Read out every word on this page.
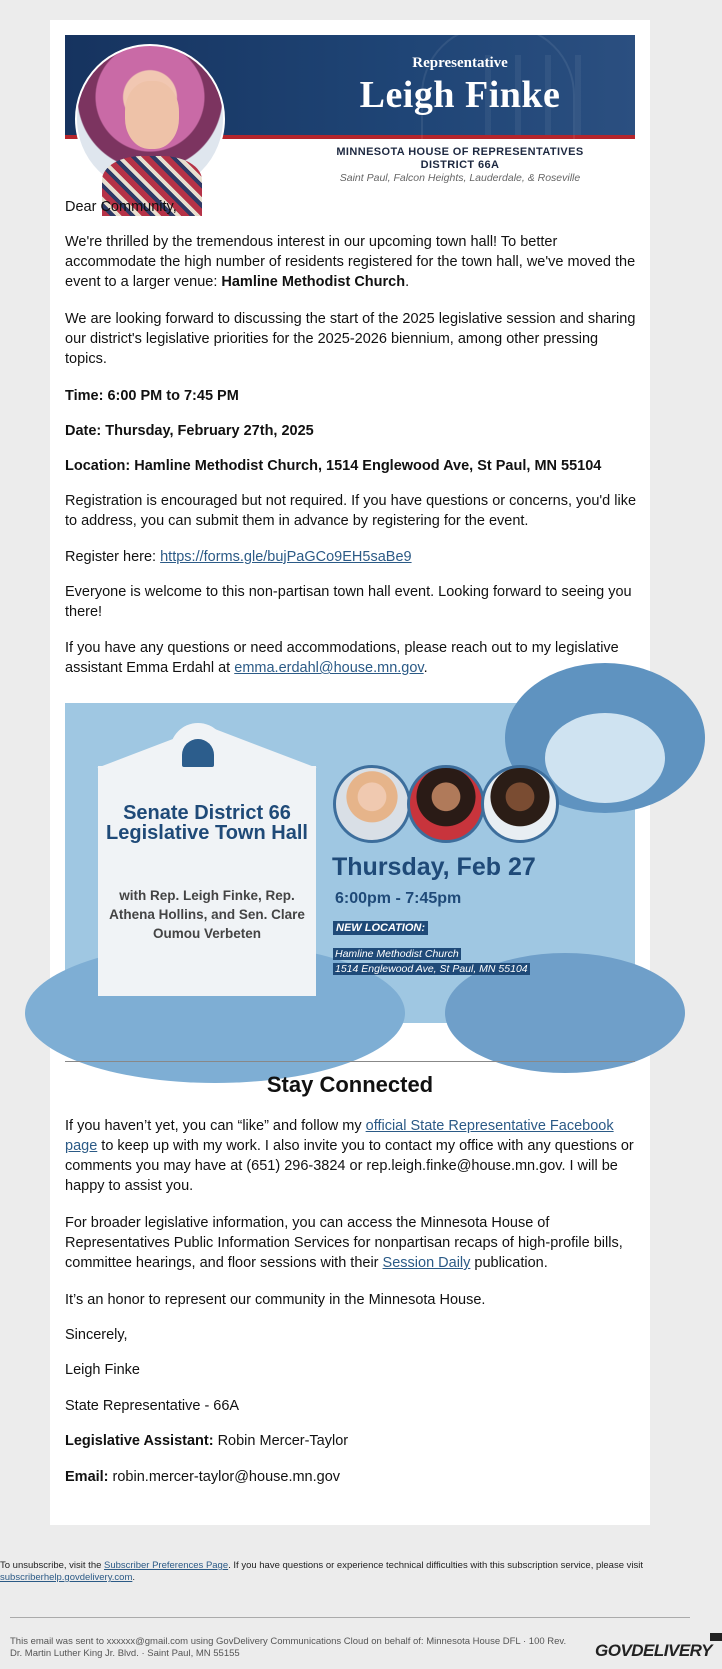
Representative
Leigh Finke
MINNESOTA HOUSE OF REPRESENTATIVES
DISTRICT 66A
Saint Paul, Falcon Heights, Lauderdale, & Roseville

Dear Community,

We're thrilled by the tremendous interest in our upcoming town hall! To better accommodate the high number of residents registered for the town hall, we've moved the event to a larger venue: Hamline Methodist Church.

We are looking forward to discussing the start of the 2025 legislative session and sharing our district's legislative priorities for the 2025-2026 biennium, among other pressing topics.

Time: 6:00 PM to 7:45 PM

Date: Thursday, February 27th, 2025

Location: Hamline Methodist Church, 1514 Englewood Ave, St Paul, MN 55104

Registration is encouraged but not required. If you have questions or concerns, you'd like to address, you can submit them in advance by registering for the event.

Register here: https://forms.gle/bujPaGCo9EH5saBe9

Everyone is welcome to this non-partisan town hall event. Looking forward to seeing you there!

If you have any questions or need accommodations, please reach out to my legislative assistant Emma Erdahl at emma.erdahl@house.mn.gov.

Senate District 66 Legislative Town Hall
with Rep. Leigh Finke, Rep. Athena Hollins, and Sen. Clare Oumou Verbeten
Thursday, Feb 27
6:00pm - 7:45pm
NEW LOCATION:
Hamline Methodist Church
1514 Englewood Ave, St Paul, MN 55104
Stay Connected

If you haven’t yet, you can “like” and follow my official State Representative Facebook page to keep up with my work. I also invite you to contact my office with any questions or comments you may have at (651) 296-3824 or rep.leigh.finke@house.mn.gov. I will be happy to assist you.

For broader legislative information, you can access the Minnesota House of Representatives Public Information Services for nonpartisan recaps of high-profile bills, committee hearings, and floor sessions with their Session Daily publication.

It’s an honor to represent our community in the Minnesota House.

Sincerely,

Leigh Finke

State Representative - 66A

Legislative Assistant: Robin Mercer-Taylor

Email: robin.mercer-taylor@house.mn.gov

To unsubscribe, visit the Subscriber Preferences Page. If you have questions or experience technical difficulties with this subscription service, please visit subscriberhelp.govdelivery.com.
This email was sent to xxxxxx@gmail.com using GovDelivery Communications Cloud on behalf of: Minnesota House DFL · 100 Rev. Dr. Martin Luther King Jr. Blvd. · Saint Paul, MN 55155	GOVDELIVERY
